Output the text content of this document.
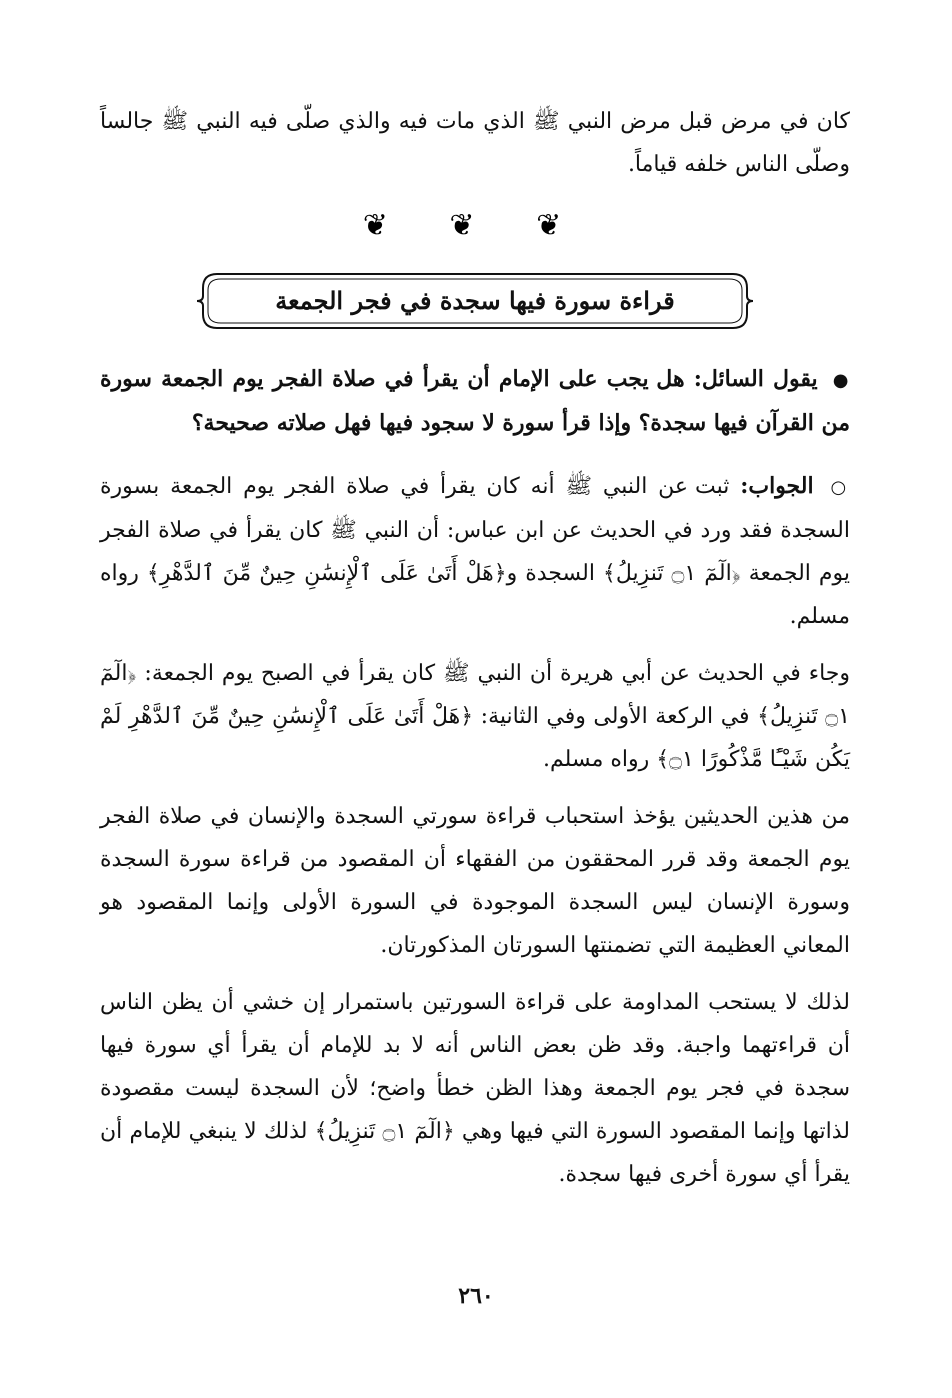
كان في مرض قبل مرض النبي ﷺ الذي مات فيه والذي صلّى فيه النبي ﷺ جالساً وصلّى الناس خلفه قياماً.

❦ ❦ ❦
قراءة سورة فيها سجدة في فجر الجمعة

● يقول السائل: هل يجب على الإمام أن يقرأ في صلاة الفجر يوم الجمعة سورة من القرآن فيها سجدة؟ وإذا قرأ سورة لا سجود فيها فهل صلاته صحيحة؟

○ الجواب: ثبت عن النبي ﷺ أنه كان يقرأ في صلاة الفجر يوم الجمعة بسورة السجدة فقد ورد في الحديث عن ابن عباس: أن النبي ﷺ كان يقرأ في صلاة الفجر يوم الجمعة ﴿الٓمٓ ۝١ تَنزِيلُ﴾ السجدة و﴿هَلْ أَتَىٰ عَلَى ٱلْإِنسَٰنِ حِينٌ مِّنَ ٱلدَّهْرِ﴾ رواه مسلم.

وجاء في الحديث عن أبي هريرة أن النبي ﷺ كان يقرأ في الصبح يوم الجمعة: ﴿الٓمٓ ۝١ تَنزِيلُ﴾ في الركعة الأولى وفي الثانية: ﴿هَلْ أَتَىٰ عَلَى ٱلْإِنسَٰنِ حِينٌ مِّنَ ٱلدَّهْرِ لَمْ يَكُن شَيْـًٔا مَّذْكُورًا ۝١﴾ رواه مسلم.

من هذين الحديثين يؤخذ استحباب قراءة سورتي السجدة والإنسان في صلاة الفجر يوم الجمعة وقد قرر المحققون من الفقهاء أن المقصود من قراءة سورة السجدة وسورة الإنسان ليس السجدة الموجودة في السورة الأولى وإنما المقصود هو المعاني العظيمة التي تضمنتها السورتان المذكورتان.

لذلك لا يستحب المداومة على قراءة السورتين باستمرار إن خشي أن يظن الناس أن قراءتهما واجبة. وقد ظن بعض الناس أنه لا بد للإمام أن يقرأ أي سورة فيها سجدة في فجر يوم الجمعة وهذا الظن خطأ واضح؛ لأن السجدة ليست مقصودة لذاتها وإنما المقصود السورة التي فيها وهي ﴿الٓمٓ ۝١ تَنزِيلُ﴾ لذلك لا ينبغي للإمام أن يقرأ أي سورة أخرى فيها سجدة.

٢٦٠
